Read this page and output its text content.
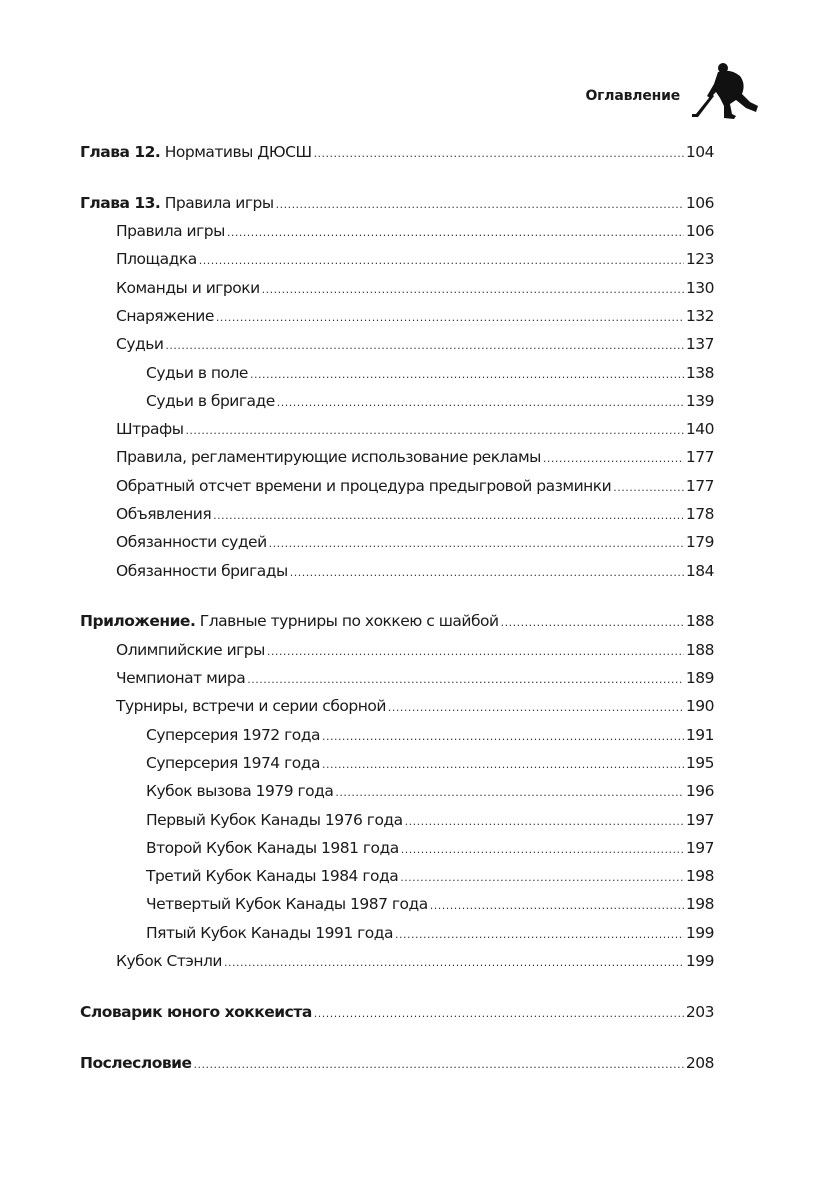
Оглавление
Глава 12. Нормативы ДЮСШ .....	104
Глава 13. Правила игры .....	106
Правила игры .....	106
Площадка .....	123
Команды и игроки .....	130
Снаряжение .....	132
Судьи .....	137
Судьи в поле .....	138
Судьи в бригаде .....	139
Штрафы .....	140
Правила, регламентирующие использование рекламы .....	177
Обратный отсчет времени и процедура предыгровой разминки .....	177
Объявления .....	178
Обязанности судей .....	179
Обязанности бригады .....	184
Приложение. Главные турниры по хоккею с шайбой .....	188
Олимпийские игры .....	188
Чемпионат мира .....	189
Турниры, встречи и серии сборной .....	190
Суперсерия 1972 года .....	191
Суперсерия 1974 года .....	195
Кубок вызова 1979 года .....	196
Первый Кубок Канады 1976 года .....	197
Второй Кубок Канады 1981 года .....	197
Третий Кубок Канады 1984 года .....	198
Четвертый Кубок Канады 1987 года .....	198
Пятый Кубок Канады 1991 года .....	199
Кубок Стэнли .....	199
Словарик юного хоккеиста .....	203
Послесловие .....	208
